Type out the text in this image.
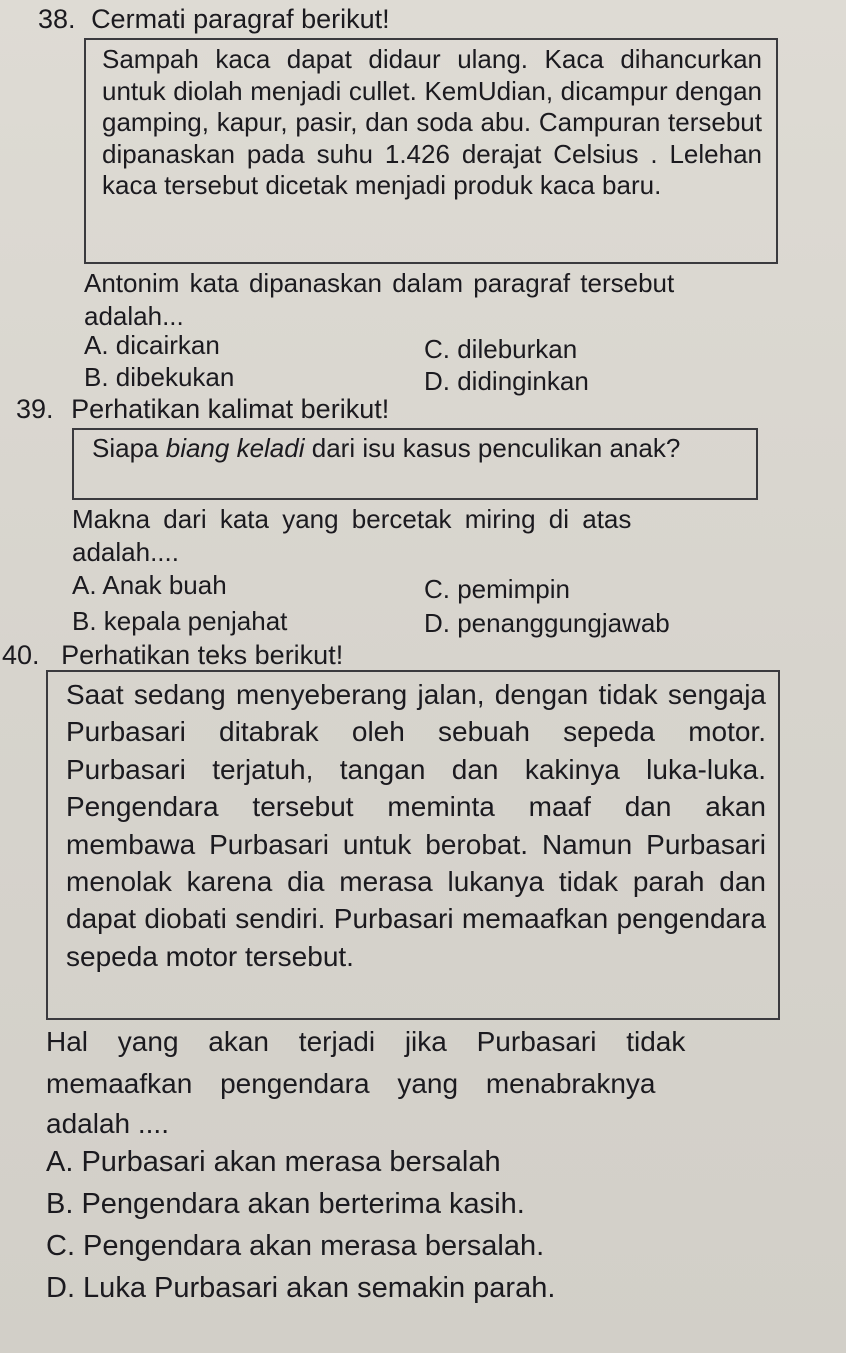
38. Cermati paragraf berikut!

Sampah kaca dapat didaur ulang. Kaca dihancurkan untuk diolah menjadi cullet. KemUdian, dicampur dengan gamping, kapur, pasir, dan soda abu. Campuran tersebut dipanaskan pada suhu 1.426 derajat Celsius . Lelehan kaca tersebut dicetak menjadi produk kaca baru.

Antonim kata dipanaskan dalam paragraf tersebut
adalah...
A. dicairkan	C. dileburkan
B. dibekukan	D. didinginkan
39. Perhatikan kalimat berikut!

Siapa biang keladi dari isu kasus penculikan anak?

Makna dari kata yang bercetak miring di atas
adalah....
A. Anak buah	C. pemimpin
B. kepala penjahat	D. penanggungjawab
40. Perhatikan teks berikut!

Saat sedang menyeberang jalan, dengan tidak sengaja Purbasari ditabrak oleh sebuah sepeda motor. Purbasari terjatuh, tangan dan kakinya luka-luka. Pengendara tersebut meminta maaf dan akan membawa Purbasari untuk berobat. Namun Purbasari menolak karena dia merasa lukanya tidak parah dan dapat diobati sendiri. Purbasari memaafkan pengendara sepeda motor tersebut.

Hal yang akan terjadi jika Purbasari tidak
memaafkan pengendara yang menabraknya
adalah ....
A. Purbasari akan merasa bersalah
B. Pengendara akan berterima kasih.
C. Pengendara akan merasa bersalah.
D. Luka Purbasari akan semakin parah.
